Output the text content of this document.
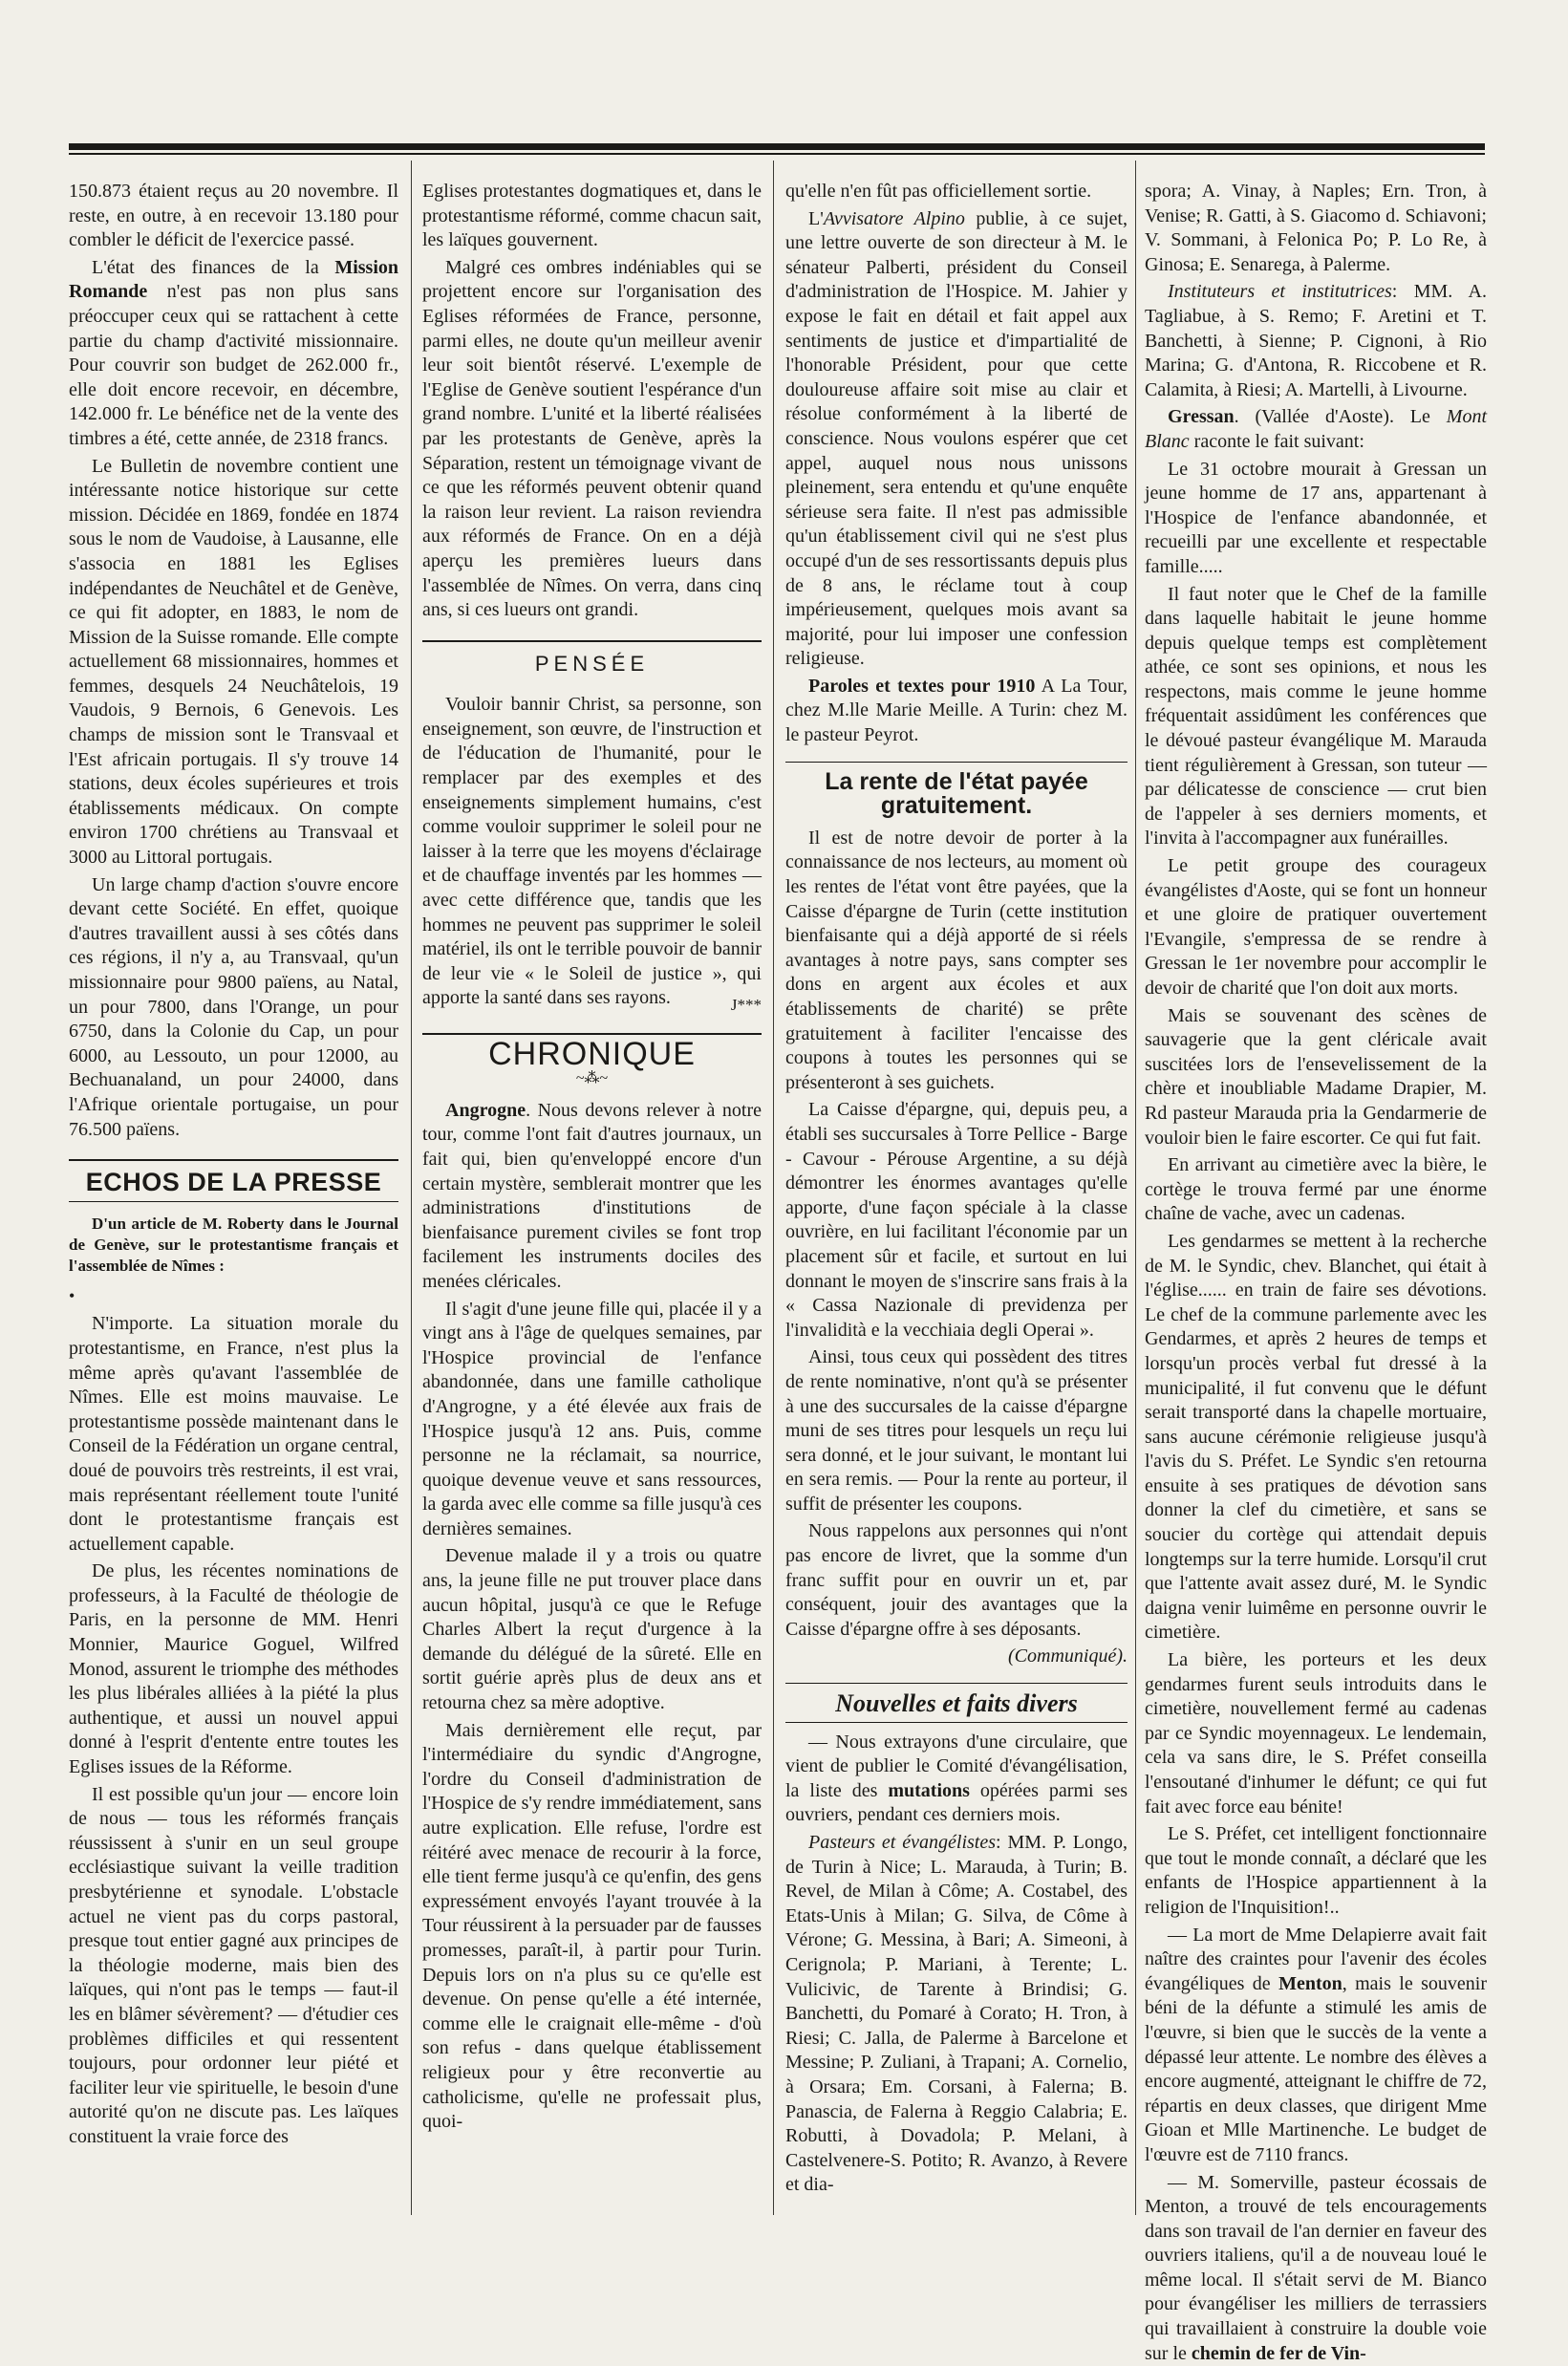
150.873 étaient reçus au 20 novembre. Il reste, en outre, à en recevoir 13.180 pour combler le déficit de l'exercice passé.

L'état des finances de la Mission Romande n'est pas non plus sans préoccuper ceux qui se rattachent à cette partie du champ d'activité missionnaire. Pour couvrir son budget de 262.000 fr., elle doit encore recevoir, en décembre, 142.000 fr. Le bénéfice net de la vente des timbres a été, cette année, de 2318 francs.

Le Bulletin de novembre contient une intéressante notice historique sur cette mission. Décidée en 1869, fondée en 1874 sous le nom de Vaudoise, à Lausanne, elle s'associa en 1881 les Eglises indépendantes de Neuchâtel et de Genève, ce qui fit adopter, en 1883, le nom de Mission de la Suisse romande. Elle compte actuellement 68 missionnaires, hommes et femmes, desquels 24 Neuchâtelois, 19 Vaudois, 9 Bernois, 6 Genevois. Les champs de mission sont le Transvaal et l'Est africain portugais. Il s'y trouve 14 stations, deux écoles supérieures et trois établissements médicaux. On compte environ 1700 chrétiens au Transvaal et 3000 au Littoral portugais.

Un large champ d'action s'ouvre encore devant cette Société. En effet, quoique d'autres travaillent aussi à ses côtés dans ces régions, il n'y a, au Transvaal, qu'un missionnaire pour 9800 païens, au Natal, un pour 7800, dans l'Orange, un pour 6750, dans la Colonie du Cap, un pour 6000, au Lessouto, un pour 12000, au Bechuanaland, un pour 24000, dans l'Afrique orientale portugaise, un pour 76.500 païens.

ECHOS DE LA PRESSE
D'un article de M. Roberty dans le Journal de Genève, sur le protestantisme français et l'assemblée de Nîmes :
•

N'importe. La situation morale du protestantisme, en France, n'est plus la même après qu'avant l'assemblée de Nîmes. Elle est moins mauvaise. Le protestantisme possède maintenant dans le Conseil de la Fédération un organe central, doué de pouvoirs très restreints, il est vrai, mais représentant réellement toute l'unité dont le protestantisme français est actuellement capable.

De plus, les récentes nominations de professeurs, à la Faculté de théologie de Paris, en la personne de MM. Henri Monnier, Maurice Goguel, Wilfred Monod, assurent le triomphe des méthodes les plus libérales alliées à la piété la plus authentique, et aussi un nouvel appui donné à l'esprit d'entente entre toutes les Eglises issues de la Réforme.

Il est possible qu'un jour — encore loin de nous — tous les réformés français réussissent à s'unir en un seul groupe ecclésiastique suivant la veille tradition presbytérienne et synodale. L'obstacle actuel ne vient pas du corps pastoral, presque tout entier gagné aux principes de la théologie moderne, mais bien des laïques, qui n'ont pas le temps — faut-il les en blâmer sévèrement? — d'étudier ces problèmes difficiles et qui ressentent toujours, pour ordonner leur piété et faciliter leur vie spirituelle, le besoin d'une autorité qu'on ne discute pas. Les laïques constituent la vraie force des

Eglises protestantes dogmatiques et, dans le protestantisme réformé, comme chacun sait, les laïques gouvernent.

Malgré ces ombres indéniables qui se projettent encore sur l'organisation des Eglises réformées de France, personne, parmi elles, ne doute qu'un meilleur avenir leur soit bientôt réservé. L'exemple de l'Eglise de Genève soutient l'espérance d'un grand nombre. L'unité et la liberté réalisées par les protestants de Genève, après la Séparation, restent un témoignage vivant de ce que les réformés peuvent obtenir quand la raison leur revient. La raison reviendra aux réformés de France. On en a déjà aperçu les premières lueurs dans l'assemblée de Nîmes. On verra, dans cinq ans, si ces lueurs ont grandi.

PENSÉE

Vouloir bannir Christ, sa personne, son enseignement, son œuvre, de l'instruction et de l'éducation de l'humanité, pour le remplacer par des exemples et des enseignements simplement humains, c'est comme vouloir supprimer le soleil pour ne laisser à la terre que les moyens d'éclairage et de chauffage inventés par les hommes — avec cette différence que, tandis que les hommes ne peuvent pas supprimer le soleil matériel, ils ont le terrible pouvoir de bannir de leur vie « le Soleil de justice », qui apporte la santé dans ses rayons.	J***
CHRONIQUE
~⁂~

Angrogne. Nous devons relever à notre tour, comme l'ont fait d'autres journaux, un fait qui, bien qu'enveloppé encore d'un certain mystère, semblerait montrer que les administrations d'institutions de bienfaisance purement civiles se font trop facilement les instruments dociles des menées cléricales.

Il s'agit d'une jeune fille qui, placée il y a vingt ans à l'âge de quelques semaines, par l'Hospice provincial de l'enfance abandonnée, dans une famille catholique d'Angrogne, y a été élevée aux frais de l'Hospice jusqu'à 12 ans. Puis, comme personne ne la réclamait, sa nourrice, quoique devenue veuve et sans ressources, la garda avec elle comme sa fille jusqu'à ces dernières semaines.

Devenue malade il y a trois ou quatre ans, la jeune fille ne put trouver place dans aucun hôpital, jusqu'à ce que le Refuge Charles Albert la reçut d'urgence à la demande du délégué de la sûreté. Elle en sortit guérie après plus de deux ans et retourna chez sa mère adoptive.

Mais dernièrement elle reçut, par l'intermédiaire du syndic d'Angrogne, l'ordre du Conseil d'administration de l'Hospice de s'y rendre immédiatement, sans autre explication. Elle refuse, l'ordre est réitéré avec menace de recourir à la force, elle tient ferme jusqu'à ce qu'enfin, des gens expressément envoyés l'ayant trouvée à la Tour réussirent à la persuader par de fausses promesses, paraît-il, à partir pour Turin. Depuis lors on n'a plus su ce qu'elle est devenue. On pense qu'elle a été internée, comme elle le craignait elle-même - d'où son refus - dans quelque établissement religieux pour y être reconvertie au catholicisme, qu'elle ne professait plus, quoi-

qu'elle n'en fût pas officiellement sortie.

L'Avvisatore Alpino publie, à ce sujet, une lettre ouverte de son directeur à M. le sénateur Palberti, président du Conseil d'administration de l'Hospice. M. Jahier y expose le fait en détail et fait appel aux sentiments de justice et d'impartialité de l'honorable Président, pour que cette douloureuse affaire soit mise au clair et résolue conformément à la liberté de conscience. Nous voulons espérer que cet appel, auquel nous nous unissons pleinement, sera entendu et qu'une enquête sérieuse sera faite. Il n'est pas admissible qu'un établissement civil qui ne s'est plus occupé d'un de ses ressortissants depuis plus de 8 ans, le réclame tout à coup impérieusement, quelques mois avant sa majorité, pour lui imposer une confession religieuse.

Paroles et textes pour 1910 A La Tour, chez M.lle Marie Meille. A Turin: chez M. le pasteur Peyrot.

La rente de l'état payée gratuitement.

Il est de notre devoir de porter à la connaissance de nos lecteurs, au moment où les rentes de l'état vont être payées, que la Caisse d'épargne de Turin (cette institution bienfaisante qui a déjà apporté de si réels avantages à notre pays, sans compter ses dons en argent aux écoles et aux établissements de charité) se prête gratuitement à faciliter l'encaisse des coupons à toutes les personnes qui se présenteront à ses guichets.

La Caisse d'épargne, qui, depuis peu, a établi ses succursales à Torre Pellice - Barge - Cavour - Pérouse Argentine, a su déjà démontrer les énormes avantages qu'elle apporte, d'une façon spéciale à la classe ouvrière, en lui facilitant l'économie par un placement sûr et facile, et surtout en lui donnant le moyen de s'inscrire sans frais à la « Cassa Nazionale di previdenza per l'invalidità e la vecchiaia degli Operai ».

Ainsi, tous ceux qui possèdent des titres de rente nominative, n'ont qu'à se présenter à une des succursales de la caisse d'épargne muni de ses titres pour lesquels un reçu lui sera donné, et le jour suivant, le montant lui en sera remis. — Pour la rente au porteur, il suffit de présenter les coupons.

Nous rappelons aux personnes qui n'ont pas encore de livret, que la somme d'un franc suffit pour en ouvrir un et, par conséquent, jouir des avantages que la Caisse d'épargne offre à ses déposants.

(Communiqué).
Nouvelles et faits divers

— Nous extrayons d'une circulaire, que vient de publier le Comité d'évangélisation, la liste des mutations opérées parmi ses ouvriers, pendant ces derniers mois.

Pasteurs et évangélistes: MM. P. Longo, de Turin à Nice; L. Marauda, à Turin; B. Revel, de Milan à Côme; A. Costabel, des Etats-Unis à Milan; G. Silva, de Côme à Vérone; G. Messina, à Bari; A. Simeoni, à Cerignola; P. Mariani, à Terente; L. Vulicivic, de Tarente à Brindisi; G. Banchetti, du Pomaré à Corato; H. Tron, à Riesi; C. Jalla, de Palerme à Barcelone et Messine; P. Zuliani, à Trapani; A. Cornelio, à Orsara; Em. Corsani, à Falerna; B. Panascia, de Falerna à Reggio Calabria; E. Robutti, à Dovadola; P. Melani, à Castelvenere-S. Potito; R. Avanzo, à Revere et dia-

spora; A. Vinay, à Naples; Ern. Tron, à Venise; R. Gatti, à S. Giacomo d. Schiavoni; V. Sommani, à Felonica Po; P. Lo Re, à Ginosa; E. Senarega, à Palerme.

Instituteurs et institutrices: MM. A. Tagliabue, à S. Remo; F. Aretini et T. Banchetti, à Sienne; P. Cignoni, à Rio Marina; G. d'Antona, R. Riccobene et R. Calamita, à Riesi; A. Martelli, à Livourne.

Gressan. (Vallée d'Aoste). Le Mont Blanc raconte le fait suivant:

Le 31 octobre mourait à Gressan un jeune homme de 17 ans, appartenant à l'Hospice de l'enfance abandonnée, et recueilli par une excellente et respectable famille.....

Il faut noter que le Chef de la famille dans laquelle habitait le jeune homme depuis quelque temps est complètement athée, ce sont ses opinions, et nous les respectons, mais comme le jeune homme fréquentait assidûment les conférences que le dévoué pasteur évangélique M. Marauda tient régulièrement à Gressan, son tuteur — par délicatesse de conscience — crut bien de l'appeler à ses derniers moments, et l'invita à l'accompagner aux funérailles.

Le petit groupe des courageux évangélistes d'Aoste, qui se font un honneur et une gloire de pratiquer ouvertement l'Evangile, s'empressa de se rendre à Gressan le 1er novembre pour accomplir le devoir de charité que l'on doit aux morts.

Mais se souvenant des scènes de sauvagerie que la gent cléricale avait suscitées lors de l'ensevelissement de la chère et inoubliable Madame Drapier, M. Rd pasteur Marauda pria la Gendarmerie de vouloir bien le faire escorter. Ce qui fut fait.

En arrivant au cimetière avec la bière, le cortège le trouva fermé par une énorme chaîne de vache, avec un cadenas.

Les gendarmes se mettent à la recherche de M. le Syndic, chev. Blanchet, qui était à l'église...... en train de faire ses dévotions. Le chef de la commune parlemente avec les Gendarmes, et après 2 heures de temps et lorsqu'un procès verbal fut dressé à la municipalité, il fut convenu que le défunt serait transporté dans la chapelle mortuaire, sans aucune cérémonie religieuse jusqu'à l'avis du S. Préfet. Le Syndic s'en retourna ensuite à ses pratiques de dévotion sans donner la clef du cimetière, et sans se soucier du cortège qui attendait depuis longtemps sur la terre humide. Lorsqu'il crut que l'attente avait assez duré, M. le Syndic daigna venir luimême en personne ouvrir le cimetière.

La bière, les porteurs et les deux gendarmes furent seuls introduits dans le cimetière, nouvellement fermé au cadenas par ce Syndic moyennageux. Le lendemain, cela va sans dire, le S. Préfet conseilla l'ensoutané d'inhumer le défunt; ce qui fut fait avec force eau bénite!

Le S. Préfet, cet intelligent fonctionnaire que tout le monde connaît, a déclaré que les enfants de l'Hospice appartiennent à la religion de l'Inquisition!..

— La mort de Mme Delapierre avait fait naître des craintes pour l'avenir des écoles évangéliques de Menton, mais le souvenir béni de la défunte a stimulé les amis de l'œuvre, si bien que le succès de la vente a dépassé leur attente. Le nombre des élèves a encore augmenté, atteignant le chiffre de 72, répartis en deux classes, que dirigent Mme Gioan et Mlle Martinenche. Le budget de l'œuvre est de 7110 francs.

— M. Somerville, pasteur écossais de Menton, a trouvé de tels encouragements dans son travail de l'an dernier en faveur des ouvriers italiens, qu'il a de nouveau loué le même local. Il s'était servi de M. Bianco pour évangéliser les milliers de terrassiers qui travaillaient à construire la double voie sur le chemin de fer de Vin-
